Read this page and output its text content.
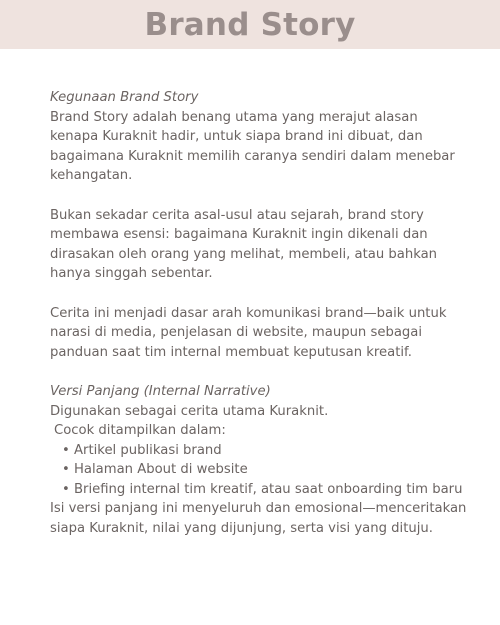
Brand Story

Kegunaan Brand Story

Brand Story adalah benang utama yang merajut alasan kenapa Kuraknit hadir, untuk siapa brand ini dibuat, dan bagaimana Kuraknit memilih caranya sendiri dalam menebar kehangatan.

Bukan sekadar cerita asal-usul atau sejarah, brand story membawa esensi: bagaimana Kuraknit ingin dikenali dan dirasakan oleh orang yang melihat, membeli, atau bahkan hanya singgah sebentar.

Cerita ini menjadi dasar arah komunikasi brand—baik untuk narasi di media, penjelasan di website, maupun sebagai panduan saat tim internal membuat keputusan kreatif.

Versi Panjang (Internal Narrative)

Digunakan sebagai cerita utama Kuraknit.

Cocok ditampilkan dalam:

• Artikel publikasi brand
• Halaman About di website
• Briefing internal tim kreatif, atau saat onboarding tim baru

Isi versi panjang ini menyeluruh dan emosional—menceritakan siapa Kuraknit, nilai yang dijunjung, serta visi yang dituju.
